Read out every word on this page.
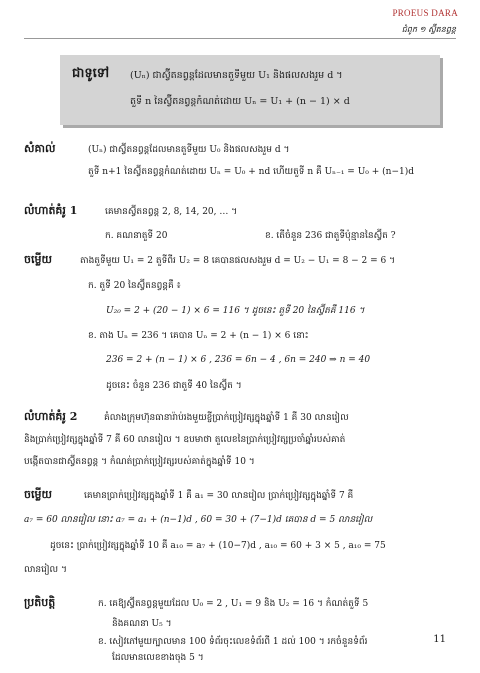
PROEUS DARA
ជំពូក ១ ស្វ៊ីតនព្វន្ត
ជាទូទៅ (Uₙ) ជាស្វ៊ីតនព្វន្តដែលមានតួទីមួយ U₁ និងផលសងរួម d ។
តួទី n នៃស្វ៊ីតនព្វន្តកំណត់ដោយ Uₙ = U₁ + (n − 1) × d
សំគាល់	(Uₙ) ជាស្វ៊ីតនព្វន្តដែលមានតួទីមួយ U₀ និងផលសងរួម d ។
តួទី n+1 នៃស្វ៊ីតនព្វន្តកំណត់ដោយ Uₙ = U₀ + nd ហើយតួទី n គឺ Uₙ₋₁ = U₀ + (n−1)d
លំហាត់គំរូ 1	គេមានស្វ៊ីតនព្វន្ត 2, 8, 14, 20, … ។
ក. គណនាតួទី 20	ខ. តើចំនួន 236 ជាតួទីប៉ុន្មាននៃស្វ៊ីត ?
ចម្លើយ	តាងតួទីមួយ U₁ = 2 តួទីពីរ U₂ = 8 គេបានផលសងរួម d = U₂ − U₁ = 8 − 2 = 6 ។
ក. តួទី 20 នៃស្វ៊ីតនព្វន្តគឺ ៖
U₂₀ = 2 + (20 − 1) × 6 = 116 ។ ដូចនេះ តួទី 20 នៃស្វ៊ីតគឺ 116 ។
ខ. តាង Uₙ = 236 ។ គេបាន Uₙ = 2 + (n − 1) × 6 នោះ
236 = 2 + (n − 1) × 6 , 236 = 6n − 4 , 6n = 240 ⇒ n = 40
ដូចនេះ ចំនួន 236 ជាតួទី 40 នៃស្វ៊ីត ។
លំហាត់គំរូ 2	គំលាងក្រុមហ៊ុនធានារ៉ាប់រងមួយខ្ចីប្រាក់ប្រៀវត្សក្នុងឆ្នាំទី 1 គឺ 30 លានរៀល
និងប្រាក់ប្រៀវត្សក្នុងឆ្នាំទី 7 គឺ 60 លានរៀល ។ ឧបមាថា តួលេខនៃប្រាក់ប្រៀវត្សប្រចាំឆ្នាំរបស់គាត់
បង្កើតបានជាស្វ៊ីតនព្វន្ត ។ កំណត់ប្រាក់ប្រៀវត្សរបស់គាត់ក្នុងឆ្នាំទី 10 ។
ចម្លើយ	គេមានប្រាក់ប្រៀវត្សក្នុងឆ្នាំទី 1 គឺ a₁ = 30 លានរៀល ប្រាក់ប្រៀវត្សក្នុងឆ្នាំទី 7 គឺ
a₇ = 60 លានរៀល នោះ a₇ = a₁ + (n−1)d , 60 = 30 + (7−1)d គេបាន d = 5 លានរៀល
ដូចនេះ ប្រាក់ប្រៀវត្សក្នុងឆ្នាំទី 10 គឺ a₁₀ = a₇ + (10−7)d , a₁₀ = 60 + 3 × 5 , a₁₀ = 75
លានរៀល ។
ប្រតិបត្តិ	ក. គេឱ្យស្វ៊ីតនព្វន្តមួយដែល U₀ = 2 , U₁ = 9 និង U₂ = 16 ។ កំណត់តួទី 5
និងគណនា U₅ ។
ខ. សៀវភៅមួយក្បាលមាន 100 ទំព័រចុះលេខទំព័រពី 1 ដល់ 100 ។ រកចំនួនទំព័រ
ដែលមានលេខខាងចុង 5 ។
11
